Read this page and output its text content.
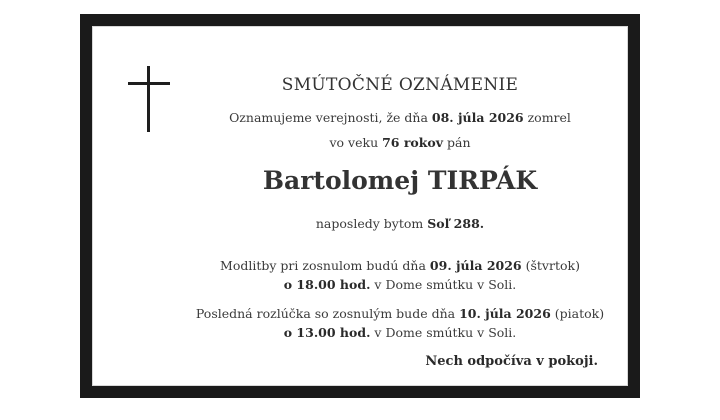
SMÚTOČNÉ OZNÁMENIE
Oznamujeme verejnosti, že dňa 08. júla 2026 zomrel
vo veku 76 rokov pán
Bartolomej TIRPÁK
naposledy bytom Soľ 288.
Modlitby pri zosnulom budú dňa 09. júla 2026 (štvrtok)
o 18.00 hod. v Dome smútku v Soli.
Posledná rozlúčka so zosnulým bude dňa 10. júla 2026 (piatok)
o 13.00 hod. v Dome smútku v Soli.
Nech odpočíva v pokoji.
